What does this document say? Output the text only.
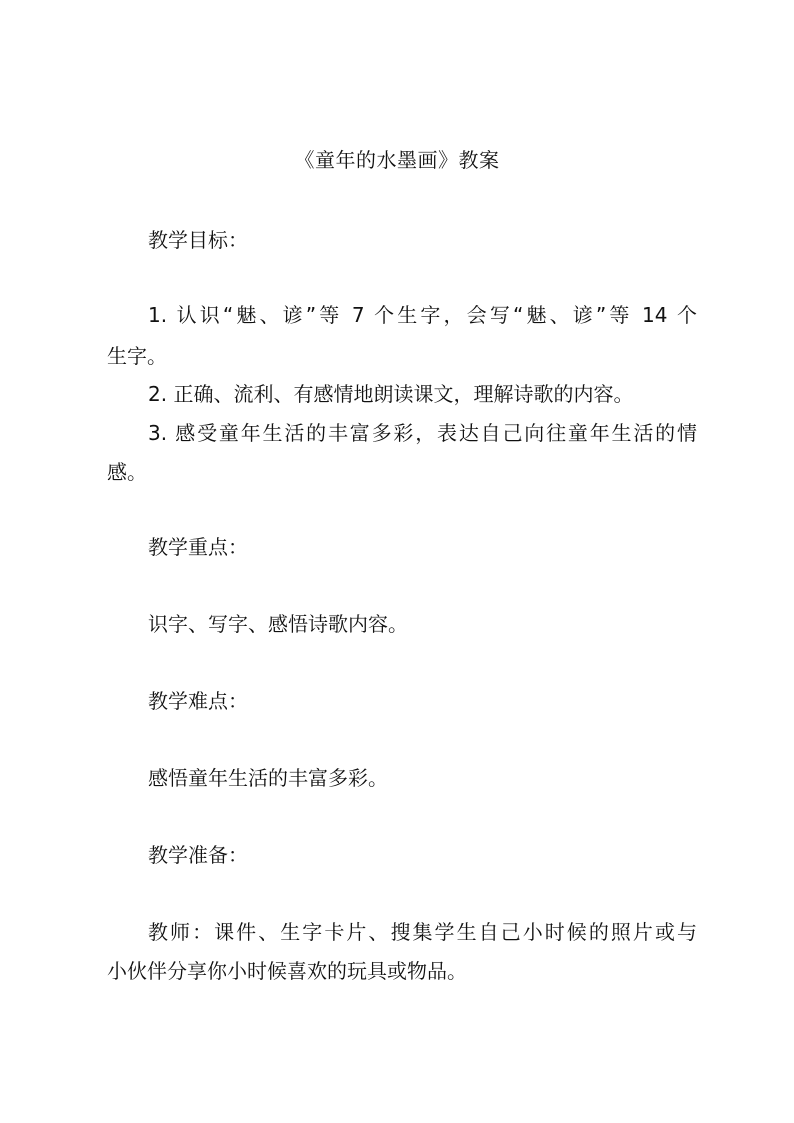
《童年的水墨画》教案
教学目标：
1. 认识“魅、谚”等 7 个生字，会写“魅、谚”等 14 个
生字。
2. 正确、流利、有感情地朗读课文，理解诗歌的内容。
3. 感受童年生活的丰富多彩，表达自己向往童年生活的情
感。
教学重点：
识字、写字、感悟诗歌内容。
教学难点：
感悟童年生活的丰富多彩。
教学准备：
教师：课件、生字卡片、搜集学生自己小时候的照片或与
小伙伴分享你小时候喜欢的玩具或物品。
